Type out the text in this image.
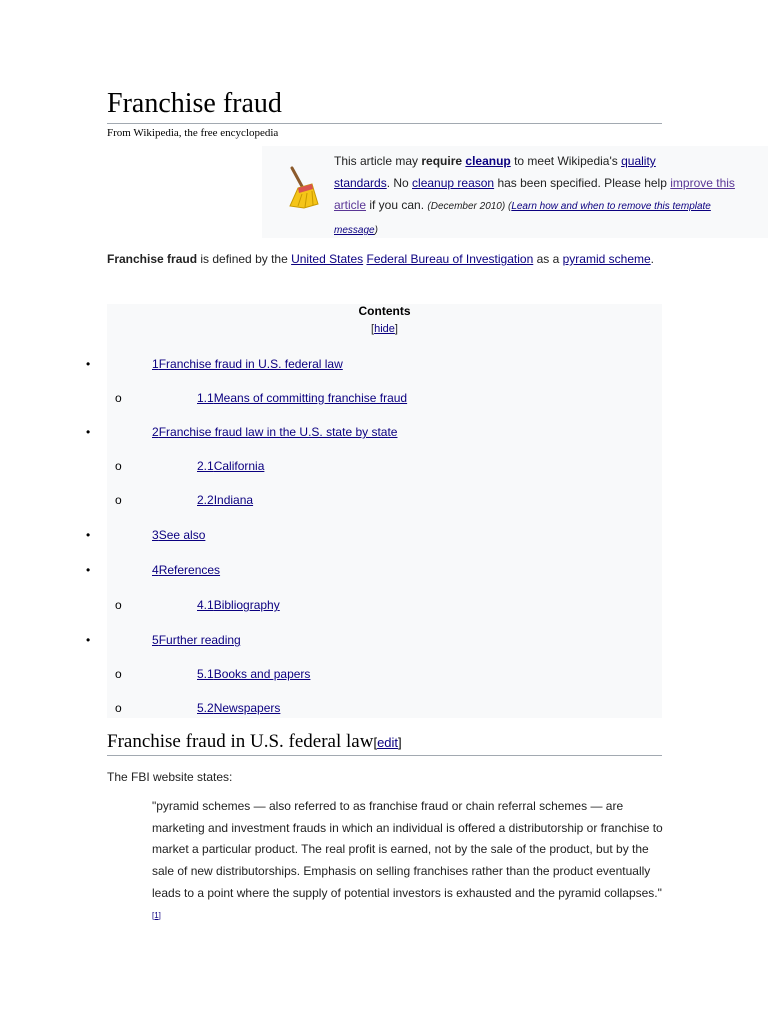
Franchise fraud
From Wikipedia, the free encyclopedia
This article may require cleanup to meet Wikipedia's quality
standards. No cleanup reason has been specified. Please help improve this
article if you can. (December 2010) (Learn how and when to remove this template
message)
Franchise fraud is defined by the United States Federal Bureau of Investigation as a pyramid scheme.
Contents
[hide]
•	1Franchise fraud in U.S. federal law
o	1.1Means of committing franchise fraud
•	2Franchise fraud law in the U.S. state by state
o	2.1California
o	2.2Indiana
•	3See also
•	4References
o	4.1Bibliography
•	5Further reading
o	5.1Books and papers
o	5.2Newspapers
Franchise fraud in U.S. federal law[edit]
The FBI website states:
"pyramid schemes — also referred to as franchise fraud or chain referral schemes — are marketing and investment frauds in which an individual is offered a distributorship or franchise to market a particular product. The real profit is earned, not by the sale of the product, but by the sale of new distributorships. Emphasis on selling franchises rather than the product eventually leads to a point where the supply of potential investors is exhausted and the pyramid collapses." [1]
